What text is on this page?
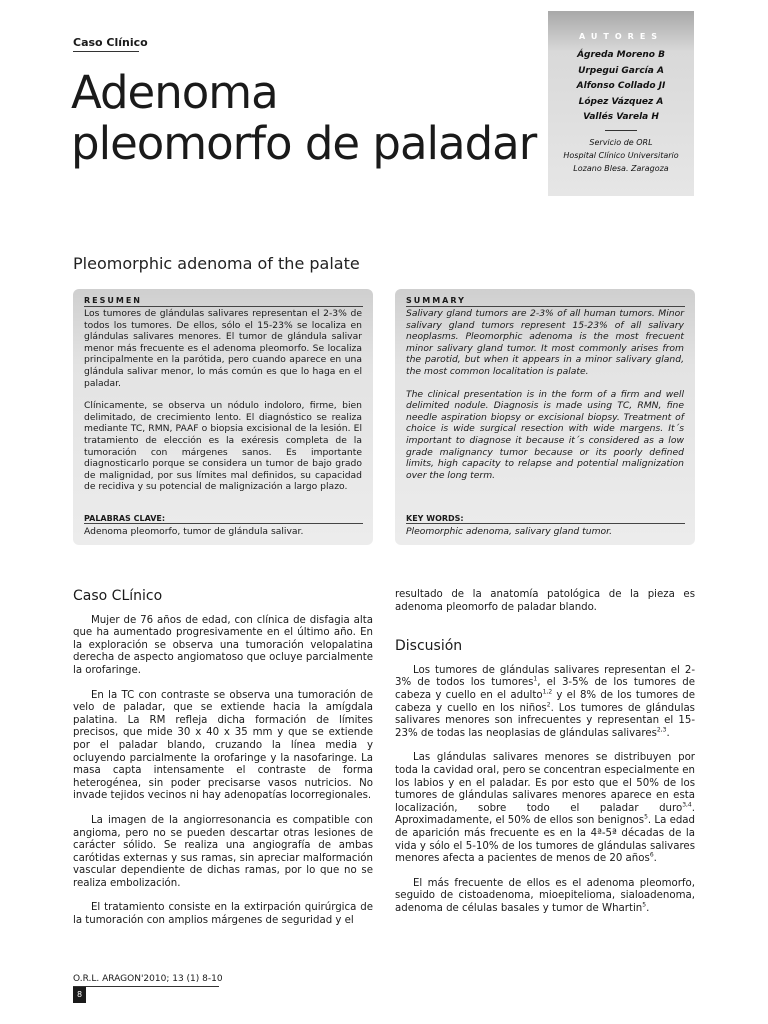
Caso Clínico
Adenoma
pleomorfo de paladar
Pleomorphic adenoma of the palate
AUTORES
Ágreda Moreno B
Urpegui García A
Alfonso Collado JI
López Vázquez A
Vallés Varela H
Servicio de ORL
Hospital Clínico Universitario
Lozano Blesa. Zaragoza
RESUMEN

Los tumores de glándulas salivares representan el 2-3% de todos los tumores. De ellos, sólo el 15-23% se localiza en glándulas salivares menores. El tumor de glándula salivar menor más frecuente es el adenoma pleomorfo. Se localiza principalmente en la parótida, pero cuando aparece en una glándula salivar menor, lo más común es que lo haga en el paladar.

Clínicamente, se observa un nódulo indoloro, firme, bien delimitado, de crecimiento lento. El diagnóstico se realiza mediante TC, RMN, PAAF o biopsia excisional de la lesión. El tratamiento de elección es la exéresis completa de la tumoración con márgenes sanos. Es importante diagnosticarlo porque se considera un tumor de bajo grado de malignidad, por sus límites mal definidos, su capacidad de recidiva y su potencial de malignización a largo plazo.

PALABRAS CLAVE:
Adenoma pleomorfo, tumor de glándula salivar.
SUMMARY

Salivary gland tumors are 2-3% of all human tumors. Minor salivary gland tumors represent 15-23% of all salivary neoplasms. Pleomorphic adenoma is the most frecuent minor salivary gland tumor. It most commonly arises from the parotid, but when it appears in a minor salivary gland, the most common localitation is palate.

The clinical presentation is in the form of a firm and well delimited nodule. Diagnosis is made using TC, RMN, fine needle aspiration biopsy or excisional biopsy. Treatment of choice is wide surgical resection with wide margens. It´s important to diagnose it because it´s considered as a low grade malignancy tumor because or its poorly defined limits, high capacity to relapse and potential malignization over the long term.

KEY WORDS:
Pleomorphic adenoma, salivary gland tumor.
Caso CLínico

Mujer de 76 años de edad, con clínica de disfagia alta que ha aumentado progresivamente en el último año. En la exploración se observa una tumoración velopalatina derecha de aspecto angiomatoso que ocluye parcialmente la orofaringe.

En la TC con contraste se observa una tumoración de velo de paladar, que se extiende hacia la amígdala palatina. La RM refleja dicha formación de límites precisos, que mide 30 x 40 x 35 mm y que se extiende por el paladar blando, cruzando la línea media y ocluyendo parcialmente la orofaringe y la nasofaringe. La masa capta intensamente el contraste de forma heterogénea, sin poder precisarse vasos nutricios. No invade tejidos vecinos ni hay adenopatías locorregionales.

La imagen de la angiorresonancia es compatible con angioma, pero no se pueden descartar otras lesiones de carácter sólido. Se realiza una angiografía de ambas carótidas externas y sus ramas, sin apreciar malformación vascular dependiente de dichas ramas, por lo que no se realiza embolización.

El tratamiento consiste en la extirpación quirúrgica de la tumoración con amplios márgenes de seguridad y el

resultado de la anatomía patológica de la pieza es adenoma pleomorfo de paladar blando.

Discusión

Los tumores de glándulas salivares representan el 2-3% de todos los tumores$^1$, el 3-5% de los tumores de cabeza y cuello en el adulto$^{1,2}$ y el 8% de los tumores de cabeza y cuello en los niños$^2$. Los tumores de glándulas salivares menores son infrecuentes y representan el 15-23% de todas las neoplasias de glándulas salivares$^{2,3}$.

Las glándulas salivares menores se distribuyen por toda la cavidad oral, pero se concentran especialmente en los labios y en el paladar. Es por esto que el 50% de los tumores de glándulas salivares menores aparece en esta localización, sobre todo el paladar duro$^{3,4}$. Aproximadamente, el 50% de ellos son benignos$^5$. La edad de aparición más frecuente es en la 4ª-5ª décadas de la vida y sólo el 5-10% de los tumores de glándulas salivares menores afecta a pacientes de menos de 20 años$^6$.

El más frecuente de ellos es el adenoma pleomorfo, seguido de cistoadenoma, mioepitelioma, sialoadenoma, adenoma de células basales y tumor de Whartin$^5$.

O.R.L. ARAGON'2010; 13 (1) 8-10
8
